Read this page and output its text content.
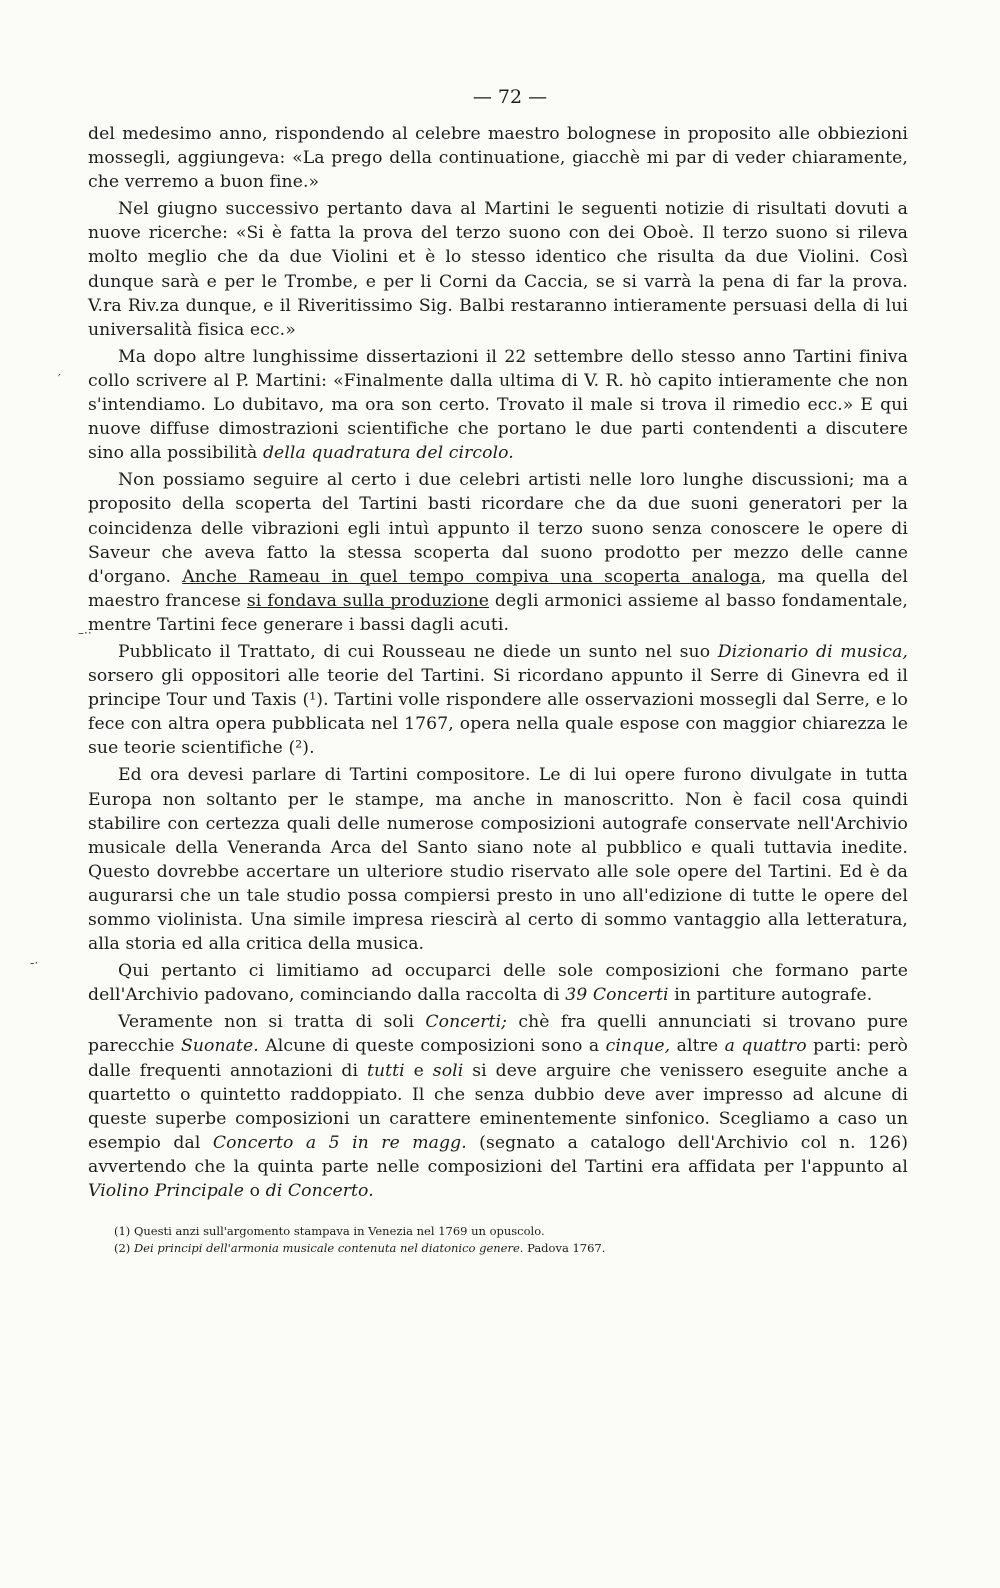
— 72 —

del medesimo anno, rispondendo al celebre maestro bolognese in proposito alle obbiezioni mossegli, aggiungeva: «La prego della continuatione, giacchè mi par di veder chiaramente, che verremo a buon fine.»

Nel giugno successivo pertanto dava al Martini le seguenti notizie di risultati dovuti a nuove ricerche: «Si è fatta la prova del terzo suono con dei Oboè. Il terzo suono si rileva molto meglio che da due Violini et è lo stesso identico che risulta da due Violini. Così dunque sarà e per le Trombe, e per li Corni da Caccia, se si varrà la pena di far la prova. V.ra Riv.za dunque, e il Riveritissimo Sig. Balbi restaranno intieramente persuasi della di lui universalità fisica ecc.»

Ma dopo altre lunghissime dissertazioni il 22 settembre dello stesso anno Tartini finiva collo scrivere al P. Martini: «Finalmente dalla ultima di V. R. hò capito intieramente che non s'intendiamo. Lo dubitavo, ma ora son certo. Trovato il male si trova il rimedio ecc.» E qui nuove diffuse dimostrazioni scientifiche che portano le due parti contendenti a discutere sino alla possibilità della quadratura del circolo.

Non possiamo seguire al certo i due celebri artisti nelle loro lunghe discussioni; ma a proposito della scoperta del Tartini basti ricordare che da due suoni generatori per la coincidenza delle vibrazioni egli intuì appunto il terzo suono senza conoscere le opere di Saveur che aveva fatto la stessa scoperta dal suono prodotto per mezzo delle canne d'organo. Anche Rameau in quel tempo compiva una scoperta analoga, ma quella del maestro francese si fondava sulla produzione degli armonici assieme al basso fondamentale, mentre Tartini fece generare i bassi dagli acuti.

Pubblicato il Trattato, di cui Rousseau ne diede un sunto nel suo Dizionario di musica, sorsero gli oppositori alle teorie del Tartini. Si ricordano appunto il Serre di Ginevra ed il principe Tour und Taxis (¹). Tartini volle rispondere alle osservazioni mossegli dal Serre, e lo fece con altra opera pubblicata nel 1767, opera nella quale espose con maggior chiarezza le sue teorie scientifiche (²).

Ed ora devesi parlare di Tartini compositore. Le di lui opere furono divulgate in tutta Europa non soltanto per le stampe, ma anche in manoscritto. Non è facil cosa quindi stabilire con certezza quali delle numerose composizioni autografe conservate nell'Archivio musicale della Veneranda Arca del Santo siano note al pubblico e quali tuttavia inedite. Questo dovrebbe accertare un ulteriore studio riservato alle sole opere del Tartini. Ed è da augurarsi che un tale studio possa compiersi presto in uno all'edizione di tutte le opere del sommo violinista. Una simile impresa riescirà al certo di sommo vantaggio alla letteratura, alla storia ed alla critica della musica.

Qui pertanto ci limitiamo ad occuparci delle sole composizioni che formano parte dell'Archivio padovano, cominciando dalla raccolta di 39 Concerti in partiture autografe.

Veramente non si tratta di soli Concerti; chè fra quelli annunciati si trovano pure parecchie Suonate. Alcune di queste composizioni sono a cinque, altre a quattro parti: però dalle frequenti annotazioni di tutti e soli si deve arguire che venissero eseguite anche a quartetto o quintetto raddoppiato. Il che senza dubbio deve aver impresso ad alcune di queste superbe composizioni un carattere eminentemente sinfonico. Scegliamo a caso un esempio dal Concerto a 5 in re magg. (segnato a catalogo dell'Archivio col n. 126) avvertendo che la quinta parte nelle composizioni del Tartini era affidata per l'appunto al Violino Principale o di Concerto.

(1) Questi anzi sull'argomento stampava in Venezia nel 1769 un opuscolo.
(2) Dei principi dell'armonia musicale contenuta nel diatonico genere. Padova 1767.
′
–··
-·
